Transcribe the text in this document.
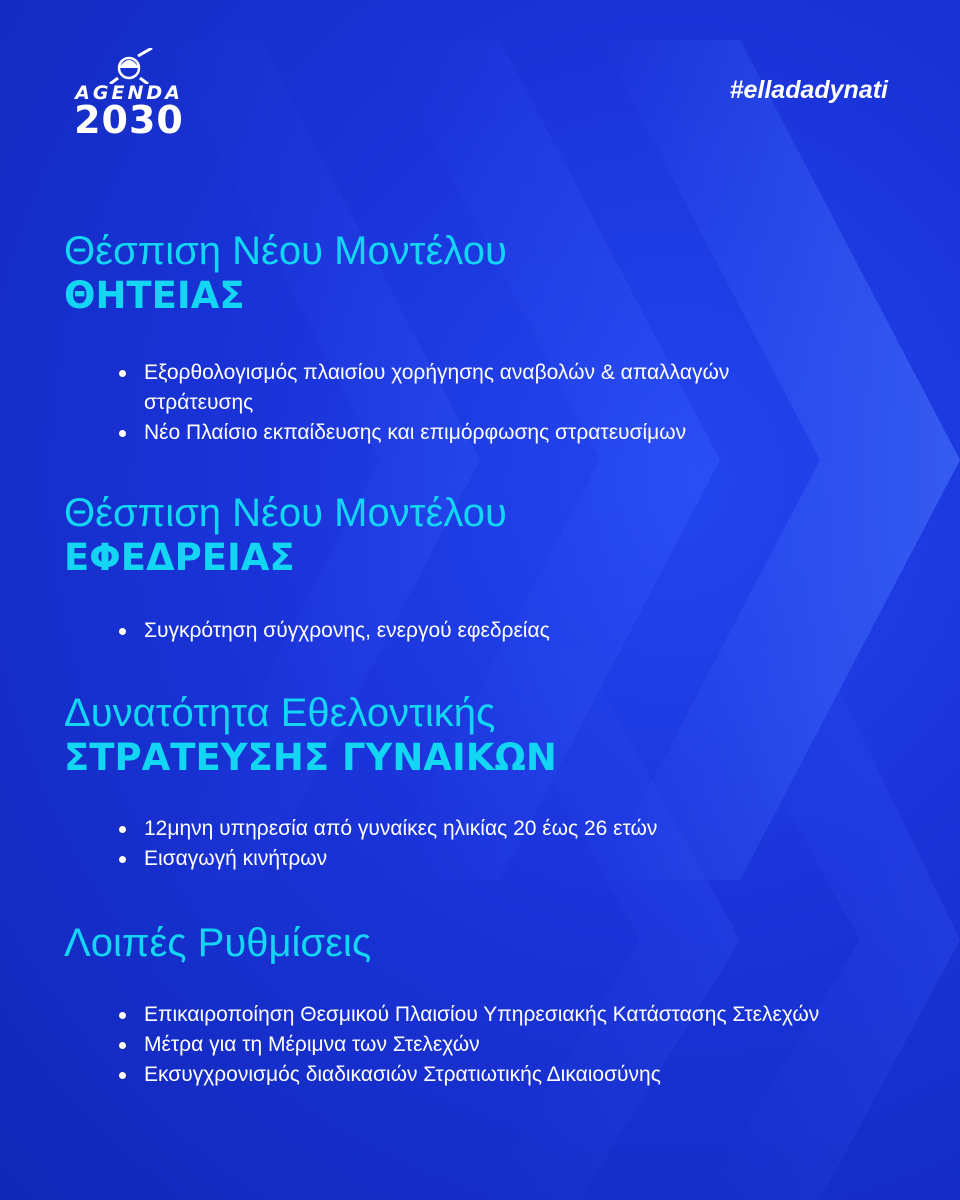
AGENDA
2030
#elladadynati
Θέσπιση Νέου Μοντέλου
ΘΗΤΕΙΑΣ
Εξορθολογισμός πλαισίου χορήγησης αναβολών & απαλλαγών στράτευσης
Νέο Πλαίσιο εκπαίδευσης και επιμόρφωσης στρατευσίμων
Θέσπιση Νέου Μοντέλου
ΕΦΕΔΡΕΙΑΣ
Συγκρότηση σύγχρονης, ενεργού εφεδρείας
Δυνατότητα Εθελοντικής
ΣΤΡΑΤΕΥΣΗΣ ΓΥΝΑΙΚΩΝ
12μηνη υπηρεσία από γυναίκες ηλικίας 20 έως 26 ετών
Εισαγωγή κινήτρων
Λοιπές Ρυθμίσεις
Επικαιροποίηση Θεσμικού Πλαισίου Υπηρεσιακής Κατάστασης Στελεχών
Μέτρα για τη Μέριμνα των Στελεχών
Εκσυγχρονισμός διαδικασιών Στρατιωτικής Δικαιοσύνης
